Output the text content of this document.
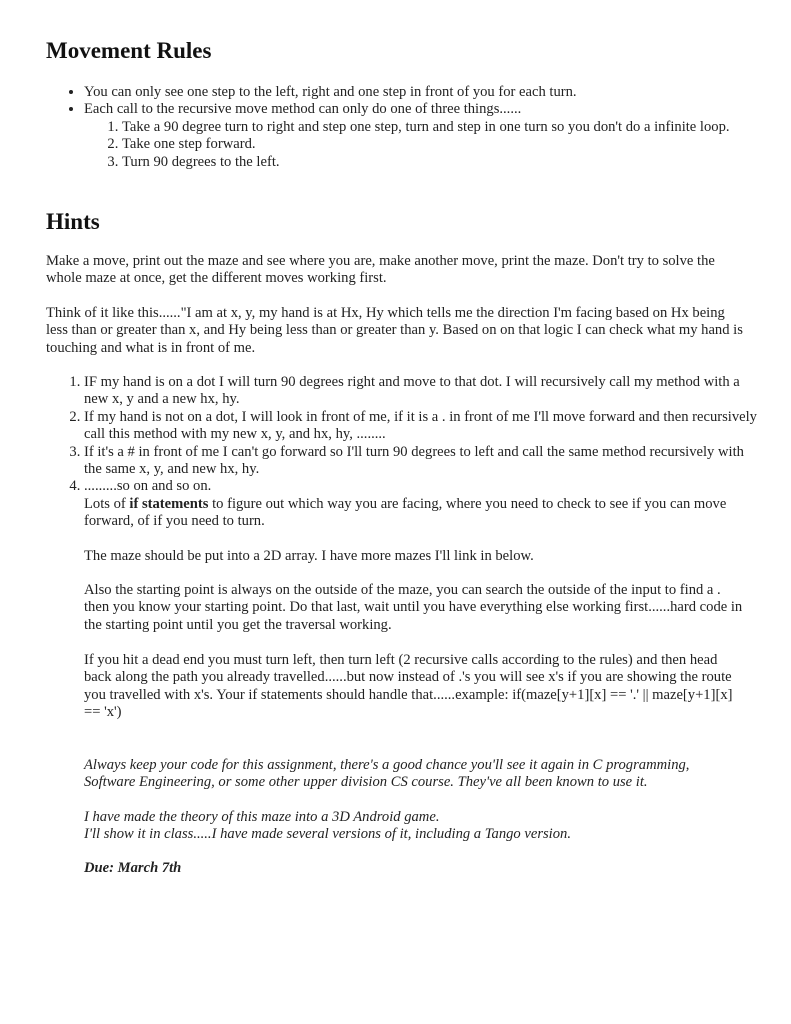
Movement Rules
• You can only see one step to the left, right and one step in front of you for each turn.
• Each call to the recursive move method can only do one of three things......
1. Take a 90 degree turn to right and step one step, turn and step in one turn so you don't do a infinite loop.
2. Take one step forward.
3. Turn 90 degrees to the left.
Hints

Make a move, print out the maze and see where you are, make another move, print the maze. Don't try to solve the whole maze at once, get the different moves working first.

Think of it like this......"I am at x, y, my hand is at Hx, Hy which tells me the direction I'm facing based on Hx being less than or greater than x, and Hy being less than or greater than y. Based on on that logic I can check what my hand is touching and what is in front of me.

1. IF my hand is on a dot I will turn 90 degrees right and move to that dot. I will recursively call my method with a new x, y and a new hx, hy.
2. If my hand is not on a dot, I will look in front of me, if it is a . in front of me I'll move forward and then recursively call this method with my new x, y, and hx, hy, ........
3. If it's a # in front of me I can't go forward so I'll turn 90 degrees to left and call the same method recursively with the same x, y, and new hx, hy.
4. .........so on and so on.

Lots of if statements to figure out which way you are facing, where you need to check to see if you can move forward, of if you need to turn.

The maze should be put into a 2D array. I have more mazes I'll link in below.

Also the starting point is always on the outside of the maze, you can search the outside of the input to find a . then you know your starting point. Do that last, wait until you have everything else working first......hard code in the starting point until you get the traversal working.

If you hit a dead end you must turn left, then turn left (2 recursive calls according to the rules) and then head back along the path you already travelled......but now instead of .'s you will see x's if you are showing the route you travelled with x's. Your if statements should handle that......example: if(maze[y+1][x] == '.' || maze[y+1][x] == 'x')

Always keep your code for this assignment, there's a good chance you'll see it again in C programming, Software Engineering, or some other upper division CS course. They've all been known to use it.

I have made the theory of this maze into a 3D Android game.
I'll show it in class.....I have made several versions of it, including a Tango version.

Due: March 7th
